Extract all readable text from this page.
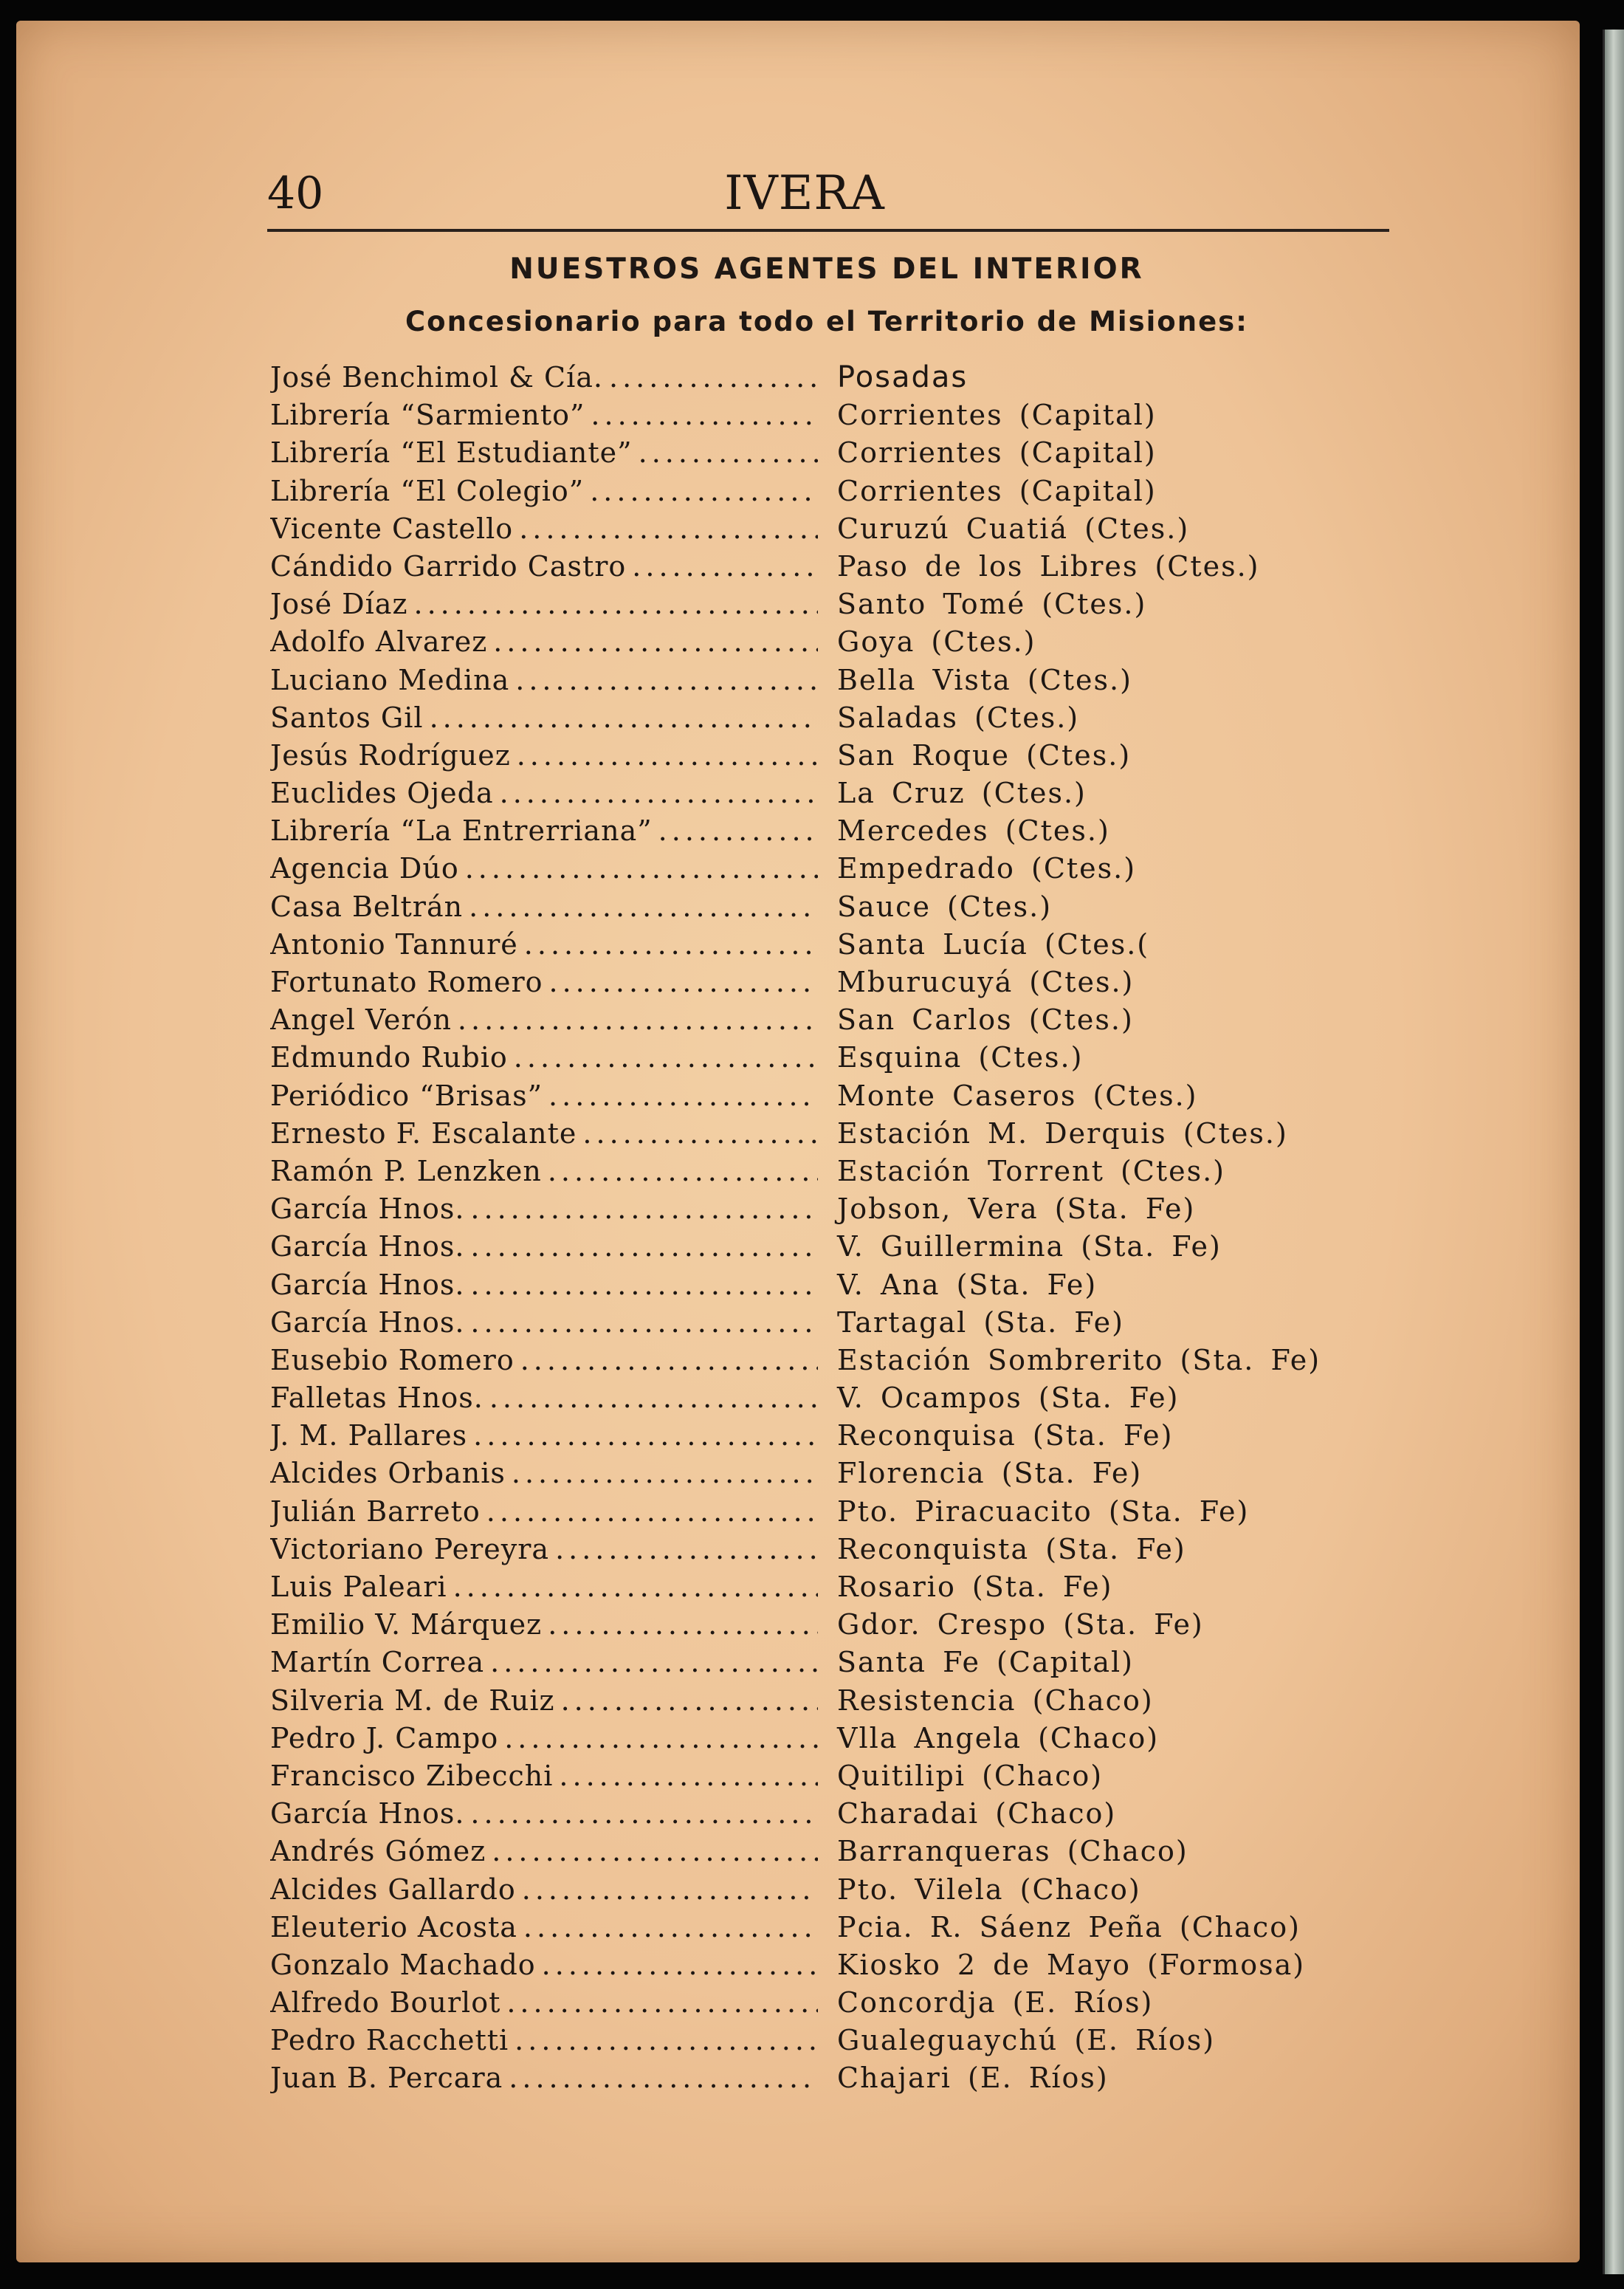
40	IVERA
NUESTROS AGENTES DEL INTERIOR
Concesionario para todo el Territorio de Misiones:
José Benchimol & Cía. .....	Posadas
Librería “Sarmiento” .....	Corrientes (Capital)
Librería “El Estudiante” .....	Corrientes (Capital)
Librería “El Colegio” .....	Corrientes (Capital)
Vicente Castello .....	Curuzú Cuatiá (Ctes.)
Cándido Garrido Castro .....	Paso de los Libres (Ctes.)
José Díaz .....	Santo Tomé (Ctes.)
Adolfo Alvarez .....	Goya (Ctes.)
Luciano Medina .....	Bella Vista (Ctes.)
Santos Gil .....	Saladas (Ctes.)
Jesús Rodríguez .....	San Roque (Ctes.)
Euclides Ojeda .....	La Cruz (Ctes.)
Librería “La Entrerriana” .....	Mercedes (Ctes.)
Agencia Dúo .....	Empedrado (Ctes.)
Casa Beltrán .....	Sauce (Ctes.)
Antonio Tannuré .....	Santa Lucía (Ctes.(
Fortunato Romero .....	Mburucuyá (Ctes.)
Angel Verón .....	San Carlos (Ctes.)
Edmundo Rubio .....	Esquina (Ctes.)
Periódico “Brisas” .....	Monte Caseros (Ctes.)
Ernesto F. Escalante .....	Estación M. Derquis (Ctes.)
Ramón P. Lenzken .....	Estación Torrent (Ctes.)
García Hnos. .....	Jobson, Vera (Sta. Fe)
García Hnos. .....	V. Guillermina (Sta. Fe)
García Hnos. .....	V. Ana (Sta. Fe)
García Hnos. .....	Tartagal (Sta. Fe)
Eusebio Romero .....	Estación Sombrerito (Sta. Fe)
Falletas Hnos. .....	V. Ocampos (Sta. Fe)
J. M. Pallares .....	Reconquisa (Sta. Fe)
Alcides Orbanis .....	Florencia (Sta. Fe)
Julián Barreto .....	Pto. Piracuacito (Sta. Fe)
Victoriano Pereyra .....	Reconquista (Sta. Fe)
Luis Paleari .....	Rosario (Sta. Fe)
Emilio V. Márquez .....	Gdor. Crespo (Sta. Fe)
Martín Correa .....	Santa Fe (Capital)
Silveria M. de Ruiz .....	Resistencia (Chaco)
Pedro J. Campo .....	Vlla Angela (Chaco)
Francisco Zibecchi .....	Quitilipi (Chaco)
García Hnos. .....	Charadai (Chaco)
Andrés Gómez .....	Barranqueras (Chaco)
Alcides Gallardo .....	Pto. Vilela (Chaco)
Eleuterio Acosta .....	Pcia. R. Sáenz Peña (Chaco)
Gonzalo Machado .....	Kiosko 2 de Mayo (Formosa)
Alfredo Bourlot .....	Concordja (E. Ríos)
Pedro Racchetti .....	Gualeguaychú (E. Ríos)
Juan B. Percara .....	Chajari (E. Ríos)
